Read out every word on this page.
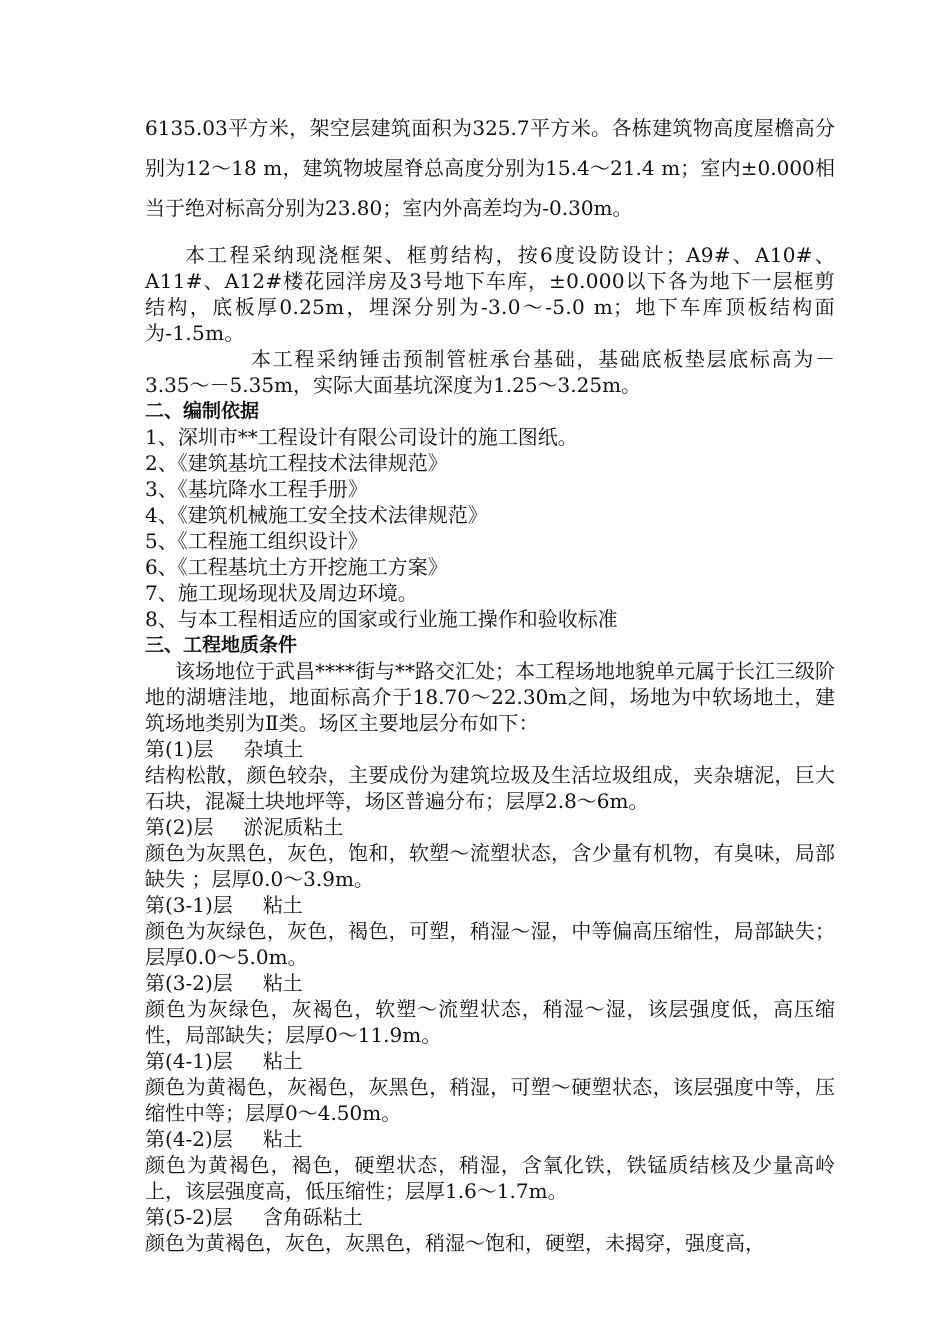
6135.03平方米，架空层建筑面积为325.7平方米。各栋建筑物高度屋檐高分别为12～18 m，建筑物坡屋脊总高度分别为15.4～21.4 m；室内±0.000相当于绝对标高分别为23.80；室内外高差均为-0.30m。

本工程采纳现浇框架、框剪结构，按6度设防设计；A9#、A10#、A11#、A12#楼花园洋房及3号地下车库，±0.000以下各为地下一层框剪结构，底板厚0.25m，埋深分别为-3.0～-5.0 m；地下车库顶板结构面为-1.5m。

本工程采纳锤击预制管桩承台基础，基础底板垫层底标高为－3.35～－5.35m，实际大面基坑深度为1.25～3.25m。

二、编制依据

1、深圳市**工程设计有限公司设计的施工图纸。

2、《建筑基坑工程技术法律规范》

3、《基坑降水工程手册》

4、《建筑机械施工安全技术法律规范》

5、《工程施工组织设计》

6、《工程基坑土方开挖施工方案》

7、施工现场现状及周边环境。

8、与本工程相适应的国家或行业施工操作和验收标准

三、工程地质条件

该场地位于武昌****街与**路交汇处；本工程场地地貌单元属于长江三级阶地的湖塘洼地，地面标高介于18.70～22.30m之间，场地为中软场地土，建筑场地类别为Ⅱ类。场区主要地层分布如下：

第(1)层 杂填土

结构松散，颜色较杂，主要成份为建筑垃圾及生活垃圾组成，夹杂塘泥，巨大石块，混凝土块地坪等，场区普遍分布；层厚2.8～6m。

第(2)层 淤泥质粘土

颜色为灰黑色，灰色，饱和，软塑～流塑状态，含少量有机物，有臭味，局部缺失 ；层厚0.0～3.9m。

第(3-1)层 粘土

颜色为灰绿色，灰色，褐色，可塑，稍湿～湿，中等偏高压缩性，局部缺失；层厚0.0～5.0m。

第(3-2)层 粘土

颜色为灰绿色，灰褐色，软塑～流塑状态，稍湿～湿，该层强度低，高压缩性，局部缺失；层厚0～11.9m。

第(4-1)层 粘土

颜色为黄褐色，灰褐色，灰黑色，稍湿，可塑～硬塑状态，该层强度中等，压缩性中等；层厚0～4.50m。

第(4-2)层 粘土

颜色为黄褐色，褐色，硬塑状态，稍湿，含氧化铁，铁锰质结核及少量高岭上，该层强度高，低压缩性；层厚1.6～1.7m。

第(5-2)层 含角砾粘土

颜色为黄褐色，灰色，灰黑色，稍湿～饱和，硬塑，未揭穿，强度高，
